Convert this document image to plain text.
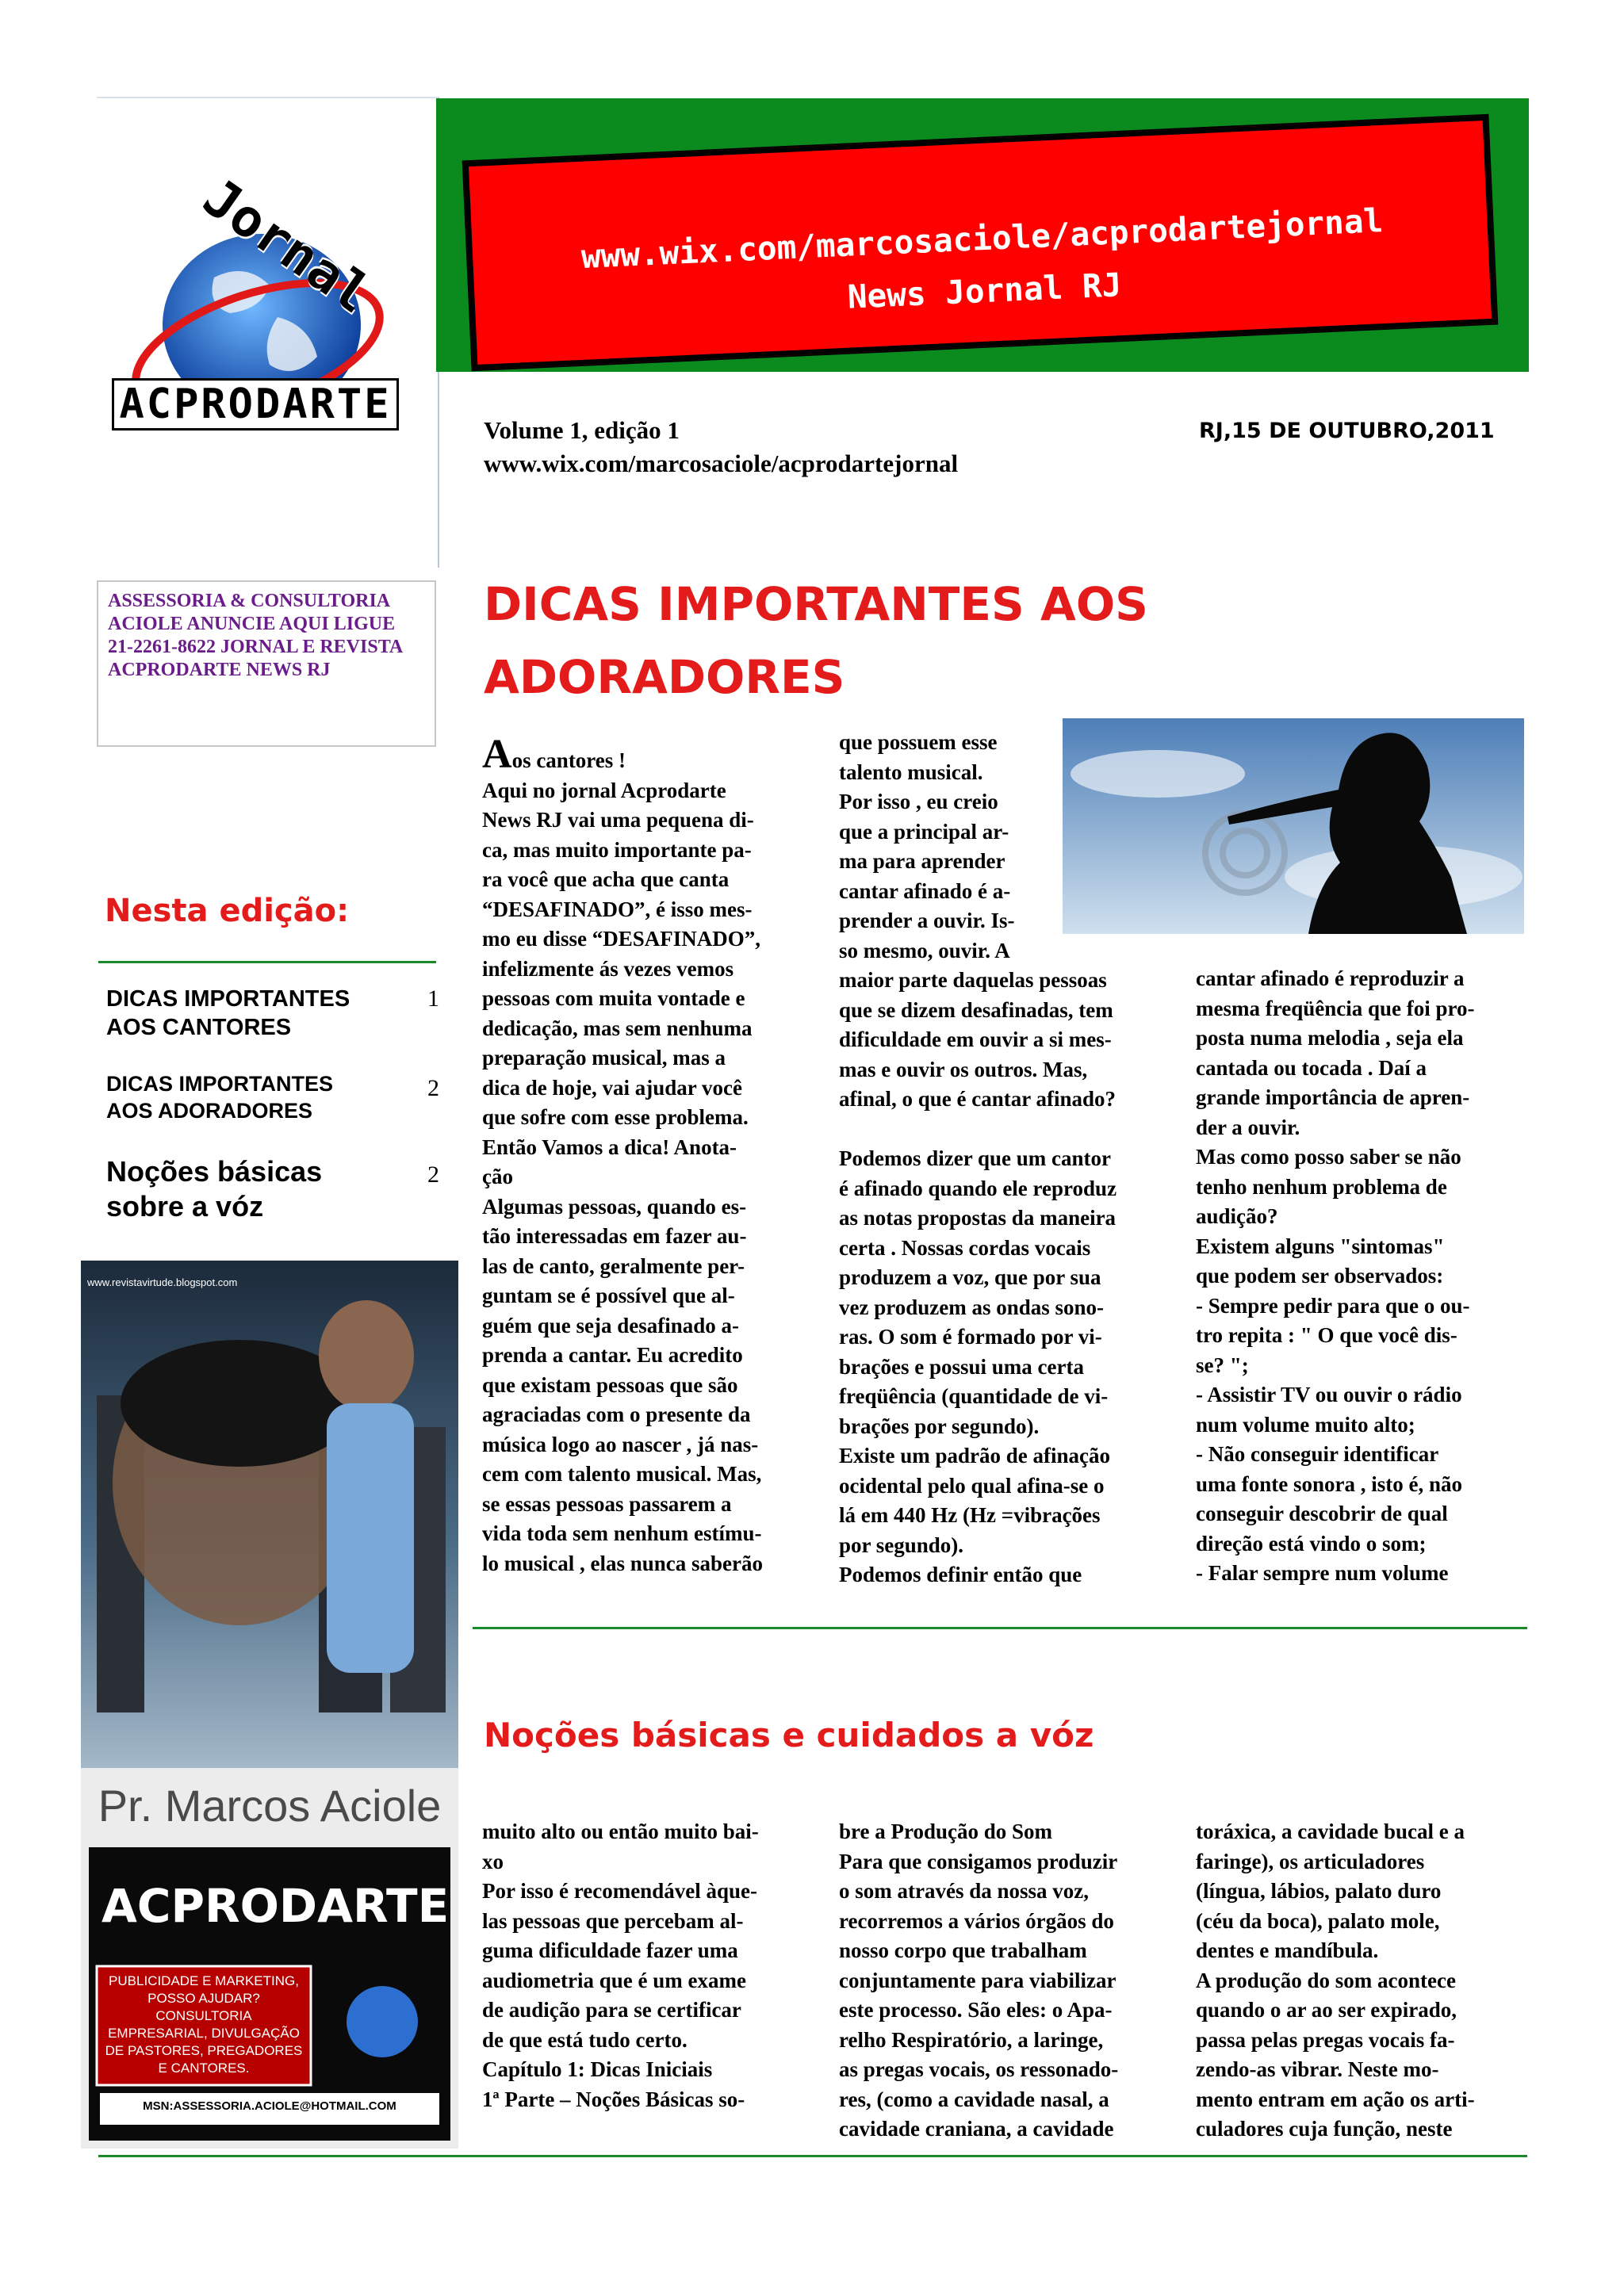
Jornal
ACPRODARTE
www.wix.com/marcosaciole/acprodartejornal
News Jornal RJ
Volume 1, edição 1
www.wix.com/marcosaciole/acprodartejornal
RJ,15 DE OUTUBRO,2011
ASSESSORIA & CONSULTORIA ACIOLE ANUNCIE AQUI LIGUE 21-2261-8622 JORNAL E REVISTA ACPRODARTE NEWS RJ
Nesta edição:
DICAS IMPORTANTES AOS CANTORES
1
DICAS IMPORTANTES AOS ADORADORES
2
Noções básicas sobre a vóz
2
www.revistavirtude.blogspot.com
Pr. Marcos Aciole
ACPRODARTE
PUBLICIDADE E MARKETING, POSSO AJUDAR? CONSULTORIA EMPRESARIAL, DIVULGAÇÃO DE PASTORES, PREGADORES E CANTORES.
MSN:ASSESSORIA.ACIOLE@HOTMAIL.COM
DICAS IMPORTANTES AOS
ADORADORES
Aos cantores !
Aqui no jornal Acprodarte
News RJ vai uma pequena di-
ca, mas muito importante pa-
ra você que acha que canta
“DESAFINADO”, é isso mes-
mo eu disse “DESAFINADO”,
infelizmente ás vezes vemos
pessoas com muita vontade e
dedicação, mas sem nenhuma
preparação musical, mas a
dica de hoje, vai ajudar você
que sofre com esse problema.
Então Vamos a dica! Anota-
ção
Algumas pessoas, quando es-
tão interessadas em fazer au-
las de canto, geralmente per-
guntam se é possível que al-
guém que seja desafinado a-
prenda a cantar. Eu acredito
que existam pessoas que são
agraciadas com o presente da
música logo ao nascer , já nas-
cem com talento musical. Mas,
se essas pessoas passarem a
vida toda sem nenhum estímu-
lo musical , elas nunca saberão
que possuem esse
talento musical.
Por isso , eu creio
que a principal ar-
ma para aprender
cantar afinado é a-
prender a ouvir. Is-
so mesmo, ouvir. A
maior parte daquelas pessoas
que se dizem desafinadas, tem
dificuldade em ouvir a si mes-
mas e ouvir os outros. Mas,
afinal, o que é cantar afinado?

Podemos dizer que um cantor
é afinado quando ele reproduz
as notas propostas da maneira
certa . Nossas cordas vocais
produzem a voz, que por sua
vez produzem as ondas sono-
ras. O som é formado por vi-
brações e possui uma certa
freqüência (quantidade de vi-
brações por segundo).
Existe um padrão de afinação
ocidental pelo qual afina-se o
lá em 440 Hz (Hz =vibrações
por segundo).
Podemos definir então que
cantar afinado é reproduzir a
mesma freqüência que foi pro-
posta numa melodia , seja ela
cantada ou tocada . Daí a
grande importância de apren-
der a ouvir.
Mas como posso saber se não
tenho nenhum problema de
audição?
Existem alguns "sintomas"
que podem ser observados:
- Sempre pedir para que o ou-
tro repita : " O que você dis-
se? ";
- Assistir TV ou ouvir o rádio
num volume muito alto;
- Não conseguir identificar
uma fonte sonora , isto é, não
conseguir descobrir de qual
direção está vindo o som;
- Falar sempre num volume
Noções básicas e cuidados a vóz
muito alto ou então muito bai-
xo
Por isso é recomendável àque-
las pessoas que percebam al-
guma dificuldade fazer uma
audiometria que é um exame
de audição para se certificar
de que está tudo certo.
Capítulo 1: Dicas Iniciais
1ª Parte – Noções Básicas so-
bre a Produção do Som
Para que consigamos produzir
o som através da nossa voz,
recorremos a vários órgãos do
nosso corpo que trabalham
conjuntamente para viabilizar
este processo. São eles: o Apa-
relho Respiratório, a laringe,
as pregas vocais, os ressonado-
res, (como a cavidade nasal, a
cavidade craniana, a cavidade
toráxica, a cavidade bucal e a
faringe), os articuladores
(língua, lábios, palato duro
(céu da boca), palato mole,
dentes e mandíbula.
A produção do som acontece
quando o ar ao ser expirado,
passa pelas pregas vocais fa-
zendo-as vibrar. Neste mo-
mento entram em ação os arti-
culadores cuja função, neste
